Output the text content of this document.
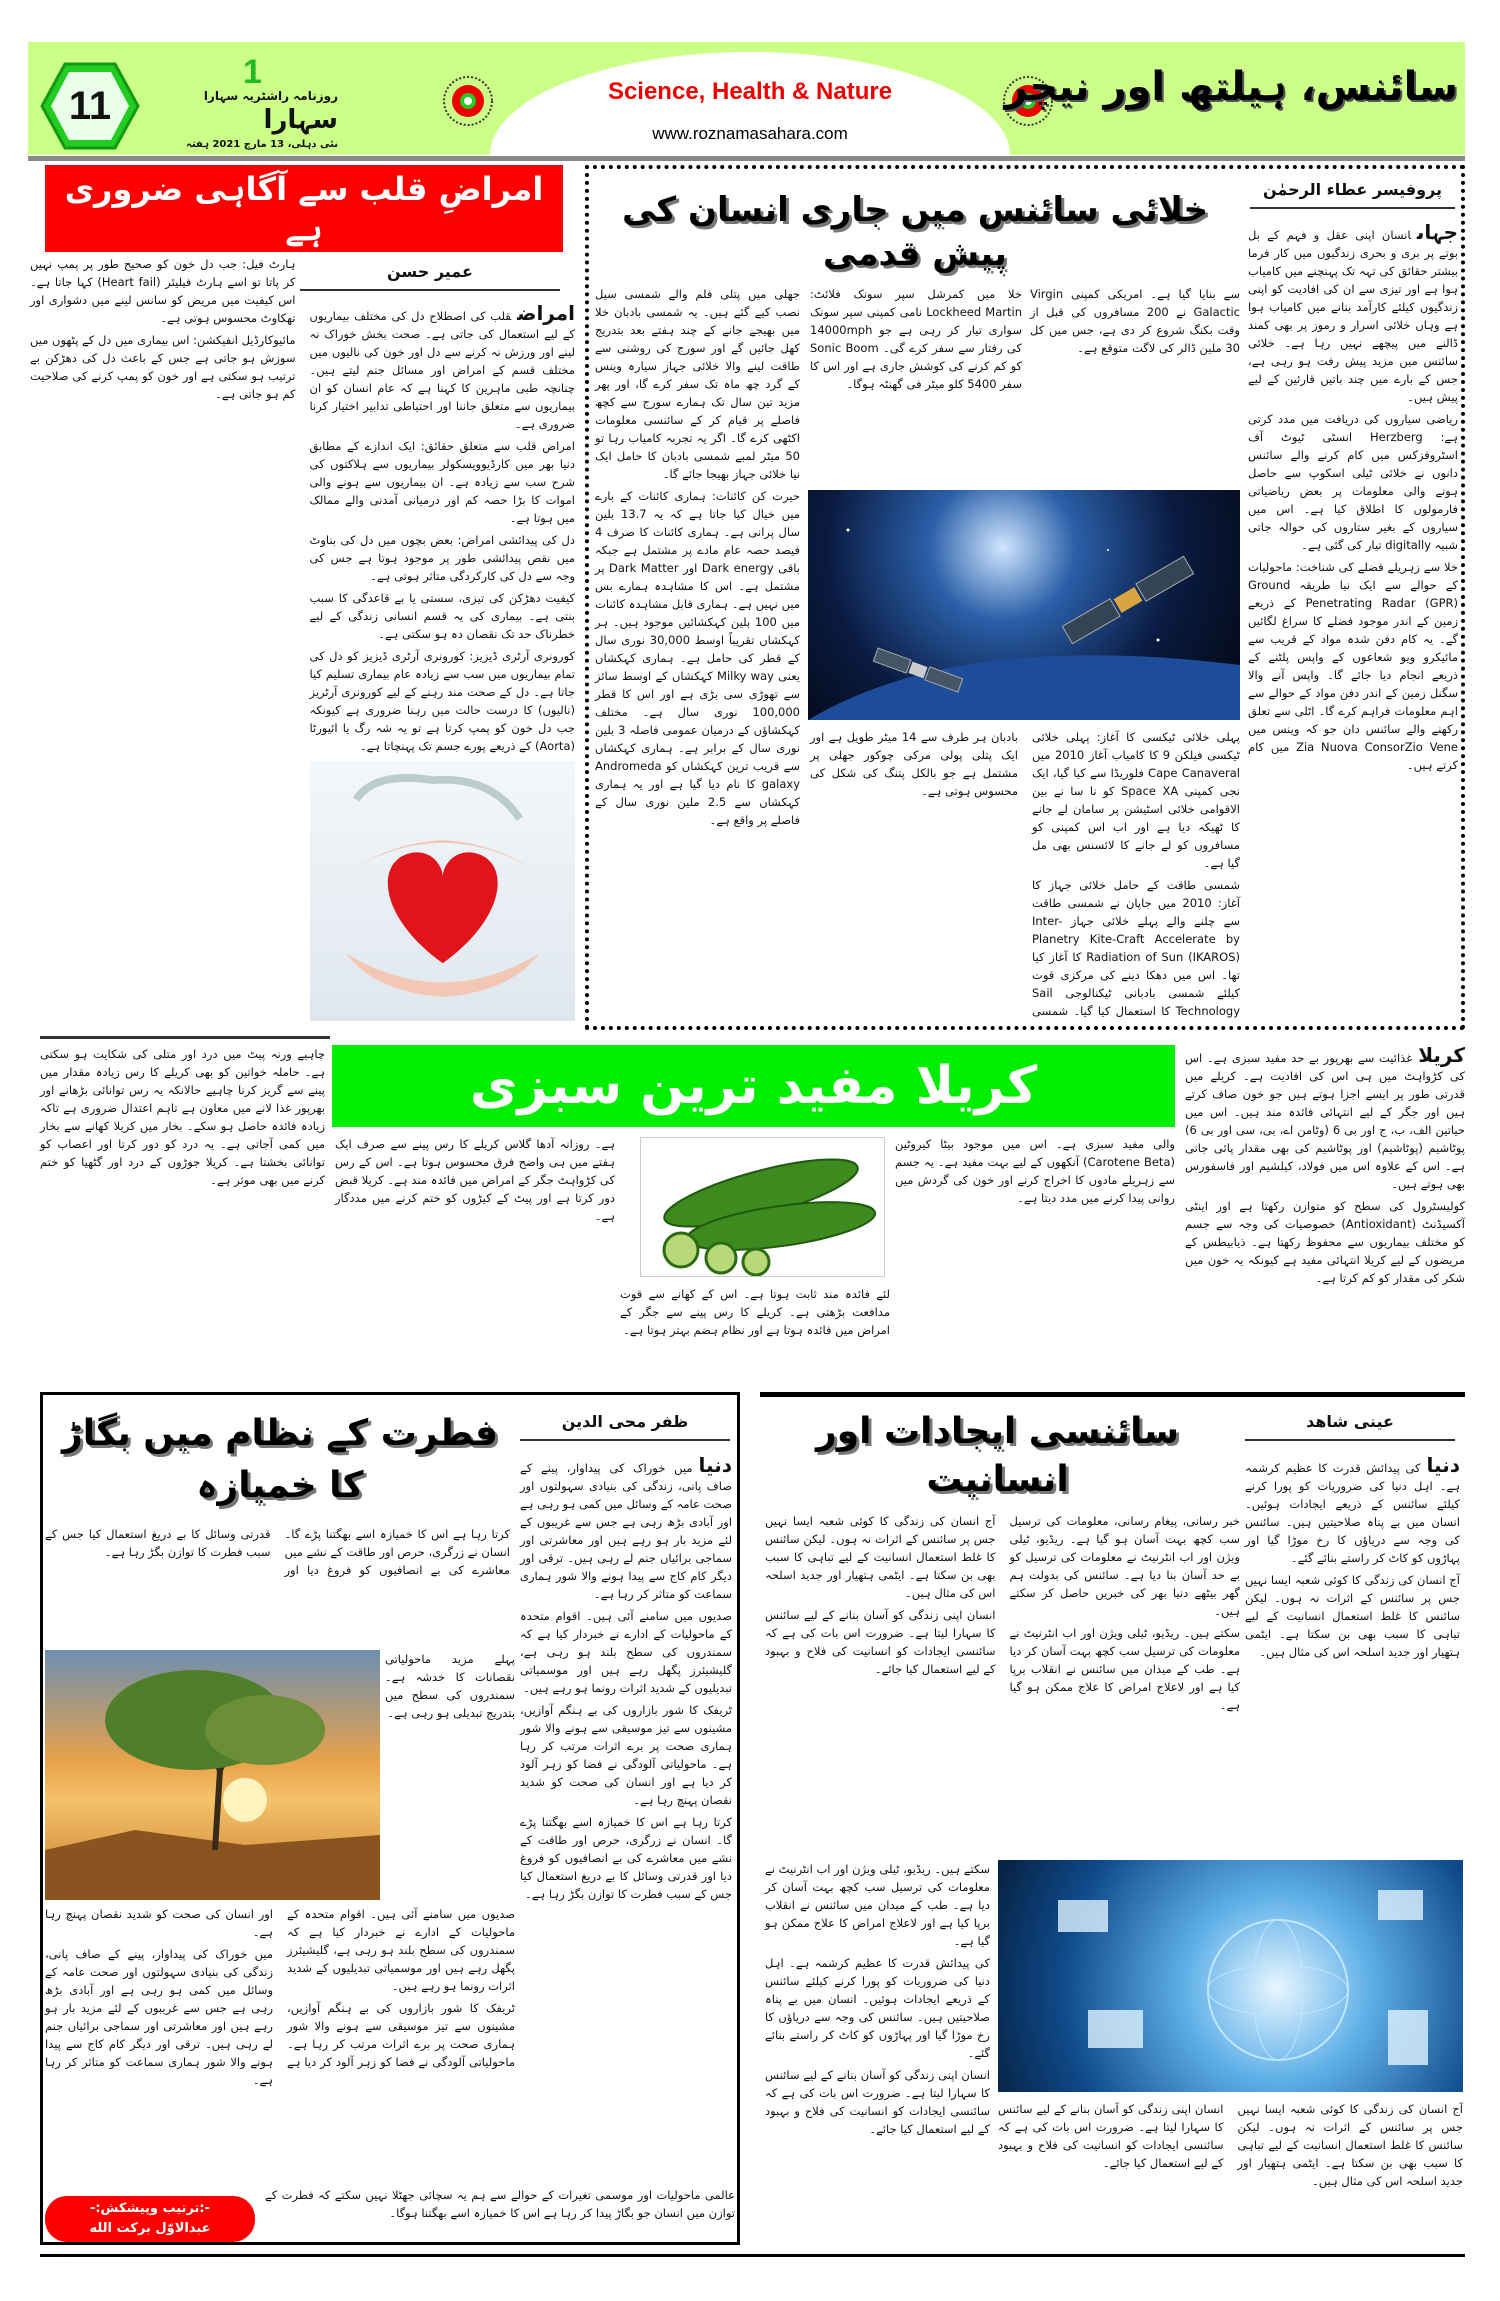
11
1
روزنامہ راشٹریہ سہارا
سہارا
نئی دہلی، 13 مارچ 2021 ہفتہ
Science, Health & Nature
www.roznamasahara.com
سائنس، ہیلتھ اور نیچر
امراضِ قلب سے آگاہی ضروری ہے
عمیر حسن

امراضقلب کی اصطلاح دل کی مختلف بیماریوں کے لیے استعمال کی جاتی ہے۔ صحت بخش خوراک نہ لینے اور ورزش نہ کرنے سے دل اور خون کی نالیوں میں مختلف قسم کے امراض اور مسائل جنم لیتے ہیں۔ چنانچہ طبی ماہرین کا کہنا ہے کہ عام انسان کو ان بیماریوں سے متعلق جاننا اور احتیاطی تدابیر اختیار کرنا ضروری ہے۔

امراض قلب سے متعلق حقائق: ایک اندازے کے مطابق دنیا بھر میں کارڈیوویسکولر بیماریوں سے ہلاکتوں کی شرح سب سے زیادہ ہے۔ ان بیماریوں سے ہونے والی اموات کا بڑا حصہ کم اور درمیانی آمدنی والے ممالک میں ہوتا ہے۔

دل کی پیدائشی امراض: بعض بچوں میں دل کی بناوٹ میں نقص پیدائشی طور پر موجود ہوتا ہے جس کی وجہ سے دل کی کارکردگی متاثر ہوتی ہے۔

کیفیت دھڑکن کی تیزی، سستی یا بے قاعدگی کا سبب بنتی ہے۔ بیماری کی یہ قسم انسانی زندگی کے لیے خطرناک حد تک نقصان دہ ہو سکتی ہے۔

کورونری آرٹری ڈیزیز: کورونری آرٹری ڈیزیز کو دل کی تمام بیماریوں میں سب سے زیادہ عام بیماری تسلیم کیا جاتا ہے۔ دل کے صحت مند رہنے کے لیے کورونری آرٹریز (نالیوں) کا درست حالت میں رہنا ضروری ہے کیونکہ جب دل خون کو پمپ کرتا ہے تو یہ شہ رگ یا ائیورٹا (Aorta) کے ذریعے پورے جسم تک پہنچاتا ہے۔

ہارٹ فیل: جب دل خون کو صحیح طور پر پمپ نہیں کر پاتا تو اسے ہارٹ فیلیئر (Heart fail) کہا جاتا ہے۔ اس کیفیت میں مریض کو سانس لینے میں دشواری اور تھکاوٹ محسوس ہوتی ہے۔

مائیوکارڈیل انفیکشن: اس بیماری میں دل کے پٹھوں میں سوزش ہو جاتی ہے جس کے باعث دل کی دھڑکن بے ترتیب ہو سکتی ہے اور خون کو پمپ کرنے کی صلاحیت کم ہو جاتی ہے۔

خلائی سائنس میں جاری انسان کی پیش قدمی
پروفیسر عطاء الرحمٰن

جہاںانسان اپنی عقل و فہم کے بل بوتے پر بری و بحری زندگیوں میں کار فرما بیشتر حقائق کی تہہ تک پہنچنے میں کامیاب ہوا ہے اور تیزی سے ان کی افادیت کو اپنی زندگیوں کیلئے کارآمد بنانے میں کامیاب ہوا ہے وہاں خلائی اسرار و رموز پر بھی کمند ڈالنے میں پیچھے نہیں رہا ہے۔ خلائی سائنس میں مزید پیش رفت ہو رہی ہے، جس کے بارے میں چند باتیں قارئین کے لیے پیش ہیں۔

ریاضی سیاروں کی دریافت میں مدد کرتی ہے: Herzberg انسٹی ٹیوٹ آف اسٹروفزکس میں کام کرنے والے سائنس دانوں نے خلائی ٹیلی اسکوپ سے حاصل ہونے والی معلومات پر بعض ریاضیاتی فارمولوں کا اطلاق کیا ہے۔ اس میں سیاروں کے بغیر ستاروں کی حوالہ جاتی شبیہ digitally تیار کی گئی ہے۔

خلا سے زہریلے فضلے کی شناخت: ماحولیات کے حوالے سے ایک نیا طریقہ Ground Penetrating Radar (GPR) کے ذریعے زمین کے اندر موجود فضلے کا سراغ لگائیں گے۔ یہ کام دفن شدہ مواد کے قریب سے مائیکرو ویو شعاعوں کے واپس پلٹنے کے ذریعے انجام دیا جائے گا۔ واپس آنے والا سگنل زمین کے اندر دفن مواد کے حوالے سے اہم معلومات فراہم کرے گا۔ اٹلی سے تعلق رکھنے والے سائنس دان جو کہ وینس میں Zia Nuova ConsorZio Vene میں کام کرتے ہیں۔

سے بنایا گیا ہے۔ امریکی کمپنی Virgin Galactic نے 200 مسافروں کی قبل از وقت بکنگ شروع کر دی ہے، جس میں کل 30 ملین ڈالر کی لاگت متوقع ہے۔

خلا میں کمرشل سپر سونک فلائٹ: Lockheed Martin نامی کمپنی سپر سونک سواری تیار کر رہی ہے جو 14000mph کی رفتار سے سفر کرے گی۔ Sonic Boom کو کم کرنے کی کوشش جاری ہے اور اس کا سفر 5400 کلو میٹر فی گھنٹہ ہوگا۔

جھلی میں پتلی فلم والے شمسی سیل نصب کیے گئے ہیں۔ یہ شمسی بادبان خلا میں بھیجے جانے کے چند ہفتے بعد بتدریج کھل جائیں گے اور سورج کی روشنی سے طاقت لینے والا خلائی جہاز سیارہ وینس کے گرد چھ ماہ تک سفر کرے گا، اور پھر مزید تین سال تک ہمارے سورج سے کچھ فاصلے پر قیام کر کے سائنسی معلومات اکٹھی کرے گا۔ اگر یہ تجربہ کامیاب رہا تو 50 میٹر لمبے شمسی بادبان کا حامل ایک نیا خلائی جہاز بھیجا جائے گا۔

حیرت کن کائنات: ہماری کائنات کے بارے میں خیال کیا جاتا ہے کہ یہ 13.7 بلین سال پرانی ہے۔ ہماری کائنات کا صرف 4 فیصد حصہ عام مادے پر مشتمل ہے جبکہ باقی Dark energy اور Dark Matter پر مشتمل ہے۔ اس کا مشاہدہ ہمارے بس میں نہیں ہے۔ ہماری قابل مشاہدہ کائنات میں 100 بلین کہکشائیں موجود ہیں۔ ہر کہکشاں تقریباً اوسط 30,000 نوری سال کے قطر کی حامل ہے۔ ہماری کہکشاں یعنی Milky way کہکشاں کے اوسط سائز سے تھوڑی سی بڑی ہے اور اس کا قطر 100,000 نوری سال ہے۔ مختلف کہکشاؤں کے درمیان عمومی فاصلہ 3 بلین نوری سال کے برابر ہے۔ ہماری کہکشاں سے قریب ترین کہکشاں کو Andromeda galaxy کا نام دیا گیا ہے اور یہ ہماری کہکشاں سے 2.5 ملین نوری سال کے فاصلے پر واقع ہے۔

پہلی خلائی ٹیکسی کا آغاز: پہلی خلائی ٹیکسی فیلکن 9 کا کامیاب آغاز 2010 میں Cape Canaveral فلوریڈا سے کیا گیا، ایک نجی کمپنی Space XA کو نا سا نے بین الاقوامی خلائی اسٹیشن پر سامان لے جانے کا ٹھیکہ دیا ہے اور اب اس کمپنی کو مسافروں کو لے جانے کا لائسنس بھی مل گیا ہے۔

شمسی طاقت کے حامل خلائی جہاز کا آغاز: 2010 میں جاپان نے شمسی طاقت سے چلنے والے پہلے خلائی جہاز Inter-Planetry Kite-Craft Accelerate by Radiation of Sun (IKAROS) کا آغاز کیا تھا۔ اس میں دھکا دینے کی مرکزی قوت کیلئے شمسی بادبانی ٹیکنالوجی Sail Technology کا استعمال کیا گیا۔ شمسی بادبان ہر طرف سے 14 میٹر طویل ہے اور ایک پتلی پولی مرکی چوکور جھلی پر مشتمل ہے جو بالکل پتنگ کی شکل کی محسوس ہوتی ہے۔

کریلا مفید ترین سبزی

کریلاغذائیت سے بھرپور بے حد مفید سبزی ہے۔ اس کی کڑواہٹ میں ہی اس کی افادیت ہے۔ کریلے میں قدرتی طور پر ایسے اجزا ہوتے ہیں جو خون صاف کرتے ہیں اور جگر کے لیے انتہائی فائدہ مند ہیں۔ اس میں حیاتین الف، ب، ج اور بی 6 (وٹامن اے، بی، سی اور بی 6) پوٹاشیم (پوٹاشیم) اور پوٹاشیم کی بھی مقدار پائی جاتی ہے۔ اس کے علاوہ اس میں فولاد، کیلشیم اور فاسفورس بھی ہوتے ہیں۔

کولیسٹرول کی سطح کو متوازن رکھتا ہے اور اینٹی آکسیڈنٹ (Antioxidant) خصوصیات کی وجہ سے جسم کو مختلف بیماریوں سے محفوظ رکھتا ہے۔ ذیابیطس کے مریضوں کے لیے کریلا انتہائی مفید ہے کیونکہ یہ خون میں شکر کی مقدار کو کم کرتا ہے۔

چاہیے ورنہ پیٹ میں درد اور متلی کی شکایت ہو سکتی ہے۔ حاملہ خواتین کو بھی کریلے کا رس زیادہ مقدار میں پینے سے گریز کرنا چاہیے حالانکہ یہ رس توانائی بڑھانے اور بھرپور غذا لانے میں معاون ہے تاہم اعتدال ضروری ہے تاکہ زیادہ فائدہ حاصل ہو سکے۔ بخار میں کریلا کھانے سے بخار میں کمی آجاتی ہے۔ یہ درد کو دور کرتا اور اعصاب کو توانائی بخشتا ہے۔ کریلا جوڑوں کے درد اور گٹھیا کو ختم کرنے میں بھی موثر ہے۔

والی مفید سبزی ہے۔ اس میں موجود بیٹا کیروٹین (Carotene Beta) آنکھوں کے لیے بہت مفید ہے۔ یہ جسم سے زہریلے مادوں کا اخراج کرنے اور خون کی گردش میں روانی پیدا کرنے میں مدد دیتا ہے۔

لئے فائدہ مند ثابت ہوتا ہے۔ اس کے کھانے سے قوت مدافعت بڑھتی ہے۔ کریلے کا رس پینے سے جگر کے امراض میں فائدہ ہوتا ہے اور نظام ہضم بہتر ہوتا ہے۔

ہے۔ روزانہ آدھا گلاس کریلے کا رس پینے سے صرف ایک ہفتے میں ہی واضح فرق محسوس ہوتا ہے۔ اس کے رس کی کڑواہٹ جگر کے امراض میں فائدہ مند ہے۔ کریلا قبض دور کرتا ہے اور پیٹ کے کیڑوں کو ختم کرنے میں مددگار ہے۔

فطرت کے نظام میں بگاڑ کا خمیازہ
ظفر محی الدین

دنیامیں خوراک کی پیداوار، پینے کے صاف پانی، زندگی کی بنیادی سہولتوں اور صحت عامہ کے وسائل میں کمی ہو رہی ہے اور آبادی بڑھ رہی ہے جس سے غریبوں کے لئے مزید بار ہو رہے ہیں اور معاشرتی اور سماجی برائیاں جنم لے رہی ہیں۔ ترقی اور دیگر کام کاج سے پیدا ہونے والا شور ہماری سماعت کو متاثر کر رہا ہے۔

صدیوں میں سامنے آئی ہیں۔ اقوام متحدہ کے ماحولیات کے ادارے نے خبردار کیا ہے کہ سمندروں کی سطح بلند ہو رہی ہے، گلیشیئرز پگھل رہے ہیں اور موسمیاتی تبدیلیوں کے شدید اثرات رونما ہو رہے ہیں۔

ٹریفک کا شور بازاروں کی بے ہنگم آوازیں، مشینوں سے تیز موسیقی سے ہونے والا شور ہماری صحت پر برے اثرات مرتب کر رہا ہے۔ ماحولیاتی آلودگی نے فضا کو زہر آلود کر دیا ہے اور انسان کی صحت کو شدید نقصان پہنچ رہا ہے۔

کرتا رہا ہے اس کا خمیازہ اسے بھگتنا پڑے گا۔ انسان نے زرگری، حرص اور طاقت کے نشے میں معاشرے کی بے انصافیوں کو فروغ دیا اور قدرتی وسائل کا بے دریغ استعمال کیا جس کے سبب فطرت کا توازن بگڑ رہا ہے۔

کرتا رہا ہے اس کا خمیازہ اسے بھگتنا پڑے گا۔ انسان نے زرگری، حرص اور طاقت کے نشے میں معاشرے کی بے انصافیوں کو فروغ دیا اور قدرتی وسائل کا بے دریغ استعمال کیا جس کے سبب فطرت کا توازن بگڑ رہا ہے۔

پہلے مزید ماحولیاتی نقصانات کا خدشہ ہے۔ سمندروں کی سطح میں بتدریج تبدیلی ہو رہی ہے۔

صدیوں میں سامنے آئی ہیں۔ اقوام متحدہ کے ماحولیات کے ادارے نے خبردار کیا ہے کہ سمندروں کی سطح بلند ہو رہی ہے، گلیشیئرز پگھل رہے ہیں اور موسمیاتی تبدیلیوں کے شدید اثرات رونما ہو رہے ہیں۔

ٹریفک کا شور بازاروں کی بے ہنگم آوازیں، مشینوں سے تیز موسیقی سے ہونے والا شور ہماری صحت پر برے اثرات مرتب کر رہا ہے۔ ماحولیاتی آلودگی نے فضا کو زہر آلود کر دیا ہے اور انسان کی صحت کو شدید نقصان پہنچ رہا ہے۔

میں خوراک کی پیداوار، پینے کے صاف پانی، زندگی کی بنیادی سہولتوں اور صحت عامہ کے وسائل میں کمی ہو رہی ہے اور آبادی بڑھ رہی ہے جس سے غریبوں کے لئے مزید بار ہو رہے ہیں اور معاشرتی اور سماجی برائیاں جنم لے رہی ہیں۔ ترقی اور دیگر کام کاج سے پیدا ہونے والا شور ہماری سماعت کو متاثر کر رہا ہے۔

عالمی ماحولیات اور موسمی تغیرات کے حوالے سے ہم یہ سچائی جھٹلا نہیں سکتے کہ فطرت کے توازن میں انسان جو بگاڑ پیدا کر رہا ہے اس کا خمیازہ اسے بھگتنا ہوگا۔

-:ترتیب وپیشکش:-
عبدالاوّل برکت الله
سائنسی ایجادات اور انسانیت
عینی شاهد

دنیاکی پیدائش قدرت کا عظیم کرشمہ ہے۔ اہل دنیا کی ضروریات کو پورا کرنے کیلئے سائنس کے ذریعے ایجادات ہوئیں۔ انسان میں بے پناہ صلاحیتیں ہیں۔ سائنس کی وجہ سے دریاؤں کا رخ موڑا گیا اور پہاڑوں کو کاٹ کر راستے بنائے گئے۔

آج انسان کی زندگی کا کوئی شعبہ ایسا نہیں جس پر سائنس کے اثرات نہ ہوں۔ لیکن سائنس کا غلط استعمال انسانیت کے لیے تباہی کا سبب بھی بن سکتا ہے۔ ایٹمی ہتھیار اور جدید اسلحہ اس کی مثال ہیں۔

خبر رسانی، پیغام رسانی، معلومات کی ترسیل سب کچھ بہت آسان ہو گیا ہے۔ ریڈیو، ٹیلی ویژن اور اب انٹرنیٹ نے معلومات کی ترسیل کو بے حد آسان بنا دیا ہے۔ سائنس کی بدولت ہم گھر بیٹھے دنیا بھر کی خبریں حاصل کر سکتے ہیں۔

سکتے ہیں۔ ریڈیو، ٹیلی ویژن اور اب انٹرنیٹ نے معلومات کی ترسیل سب کچھ بہت آسان کر دیا ہے۔ طب کے میدان میں سائنس نے انقلاب برپا کیا ہے اور لاعلاج امراض کا علاج ممکن ہو گیا ہے۔

آج انسان کی زندگی کا کوئی شعبہ ایسا نہیں جس پر سائنس کے اثرات نہ ہوں۔ لیکن سائنس کا غلط استعمال انسانیت کے لیے تباہی کا سبب بھی بن سکتا ہے۔ ایٹمی ہتھیار اور جدید اسلحہ اس کی مثال ہیں۔

انسان اپنی زندگی کو آسان بنانے کے لیے سائنس کا سہارا لیتا ہے۔ ضرورت اس بات کی ہے کہ سائنسی ایجادات کو انسانیت کی فلاح و بہبود کے لیے استعمال کیا جائے۔

سکتے ہیں۔ ریڈیو، ٹیلی ویژن اور اب انٹرنیٹ نے معلومات کی ترسیل سب کچھ بہت آسان کر دیا ہے۔ طب کے میدان میں سائنس نے انقلاب برپا کیا ہے اور لاعلاج امراض کا علاج ممکن ہو گیا ہے۔

کی پیدائش قدرت کا عظیم کرشمہ ہے۔ اہل دنیا کی ضروریات کو پورا کرنے کیلئے سائنس کے ذریعے ایجادات ہوئیں۔ انسان میں بے پناہ صلاحیتیں ہیں۔ سائنس کی وجہ سے دریاؤں کا رخ موڑا گیا اور پہاڑوں کو کاٹ کر راستے بنائے گئے۔

انسان اپنی زندگی کو آسان بنانے کے لیے سائنس کا سہارا لیتا ہے۔ ضرورت اس بات کی ہے کہ سائنسی ایجادات کو انسانیت کی فلاح و بہبود کے لیے استعمال کیا جائے۔

آج انسان کی زندگی کا کوئی شعبہ ایسا نہیں جس پر سائنس کے اثرات نہ ہوں۔ لیکن سائنس کا غلط استعمال انسانیت کے لیے تباہی کا سبب بھی بن سکتا ہے۔ ایٹمی ہتھیار اور جدید اسلحہ اس کی مثال ہیں۔

انسان اپنی زندگی کو آسان بنانے کے لیے سائنس کا سہارا لیتا ہے۔ ضرورت اس بات کی ہے کہ سائنسی ایجادات کو انسانیت کی فلاح و بہبود کے لیے استعمال کیا جائے۔
